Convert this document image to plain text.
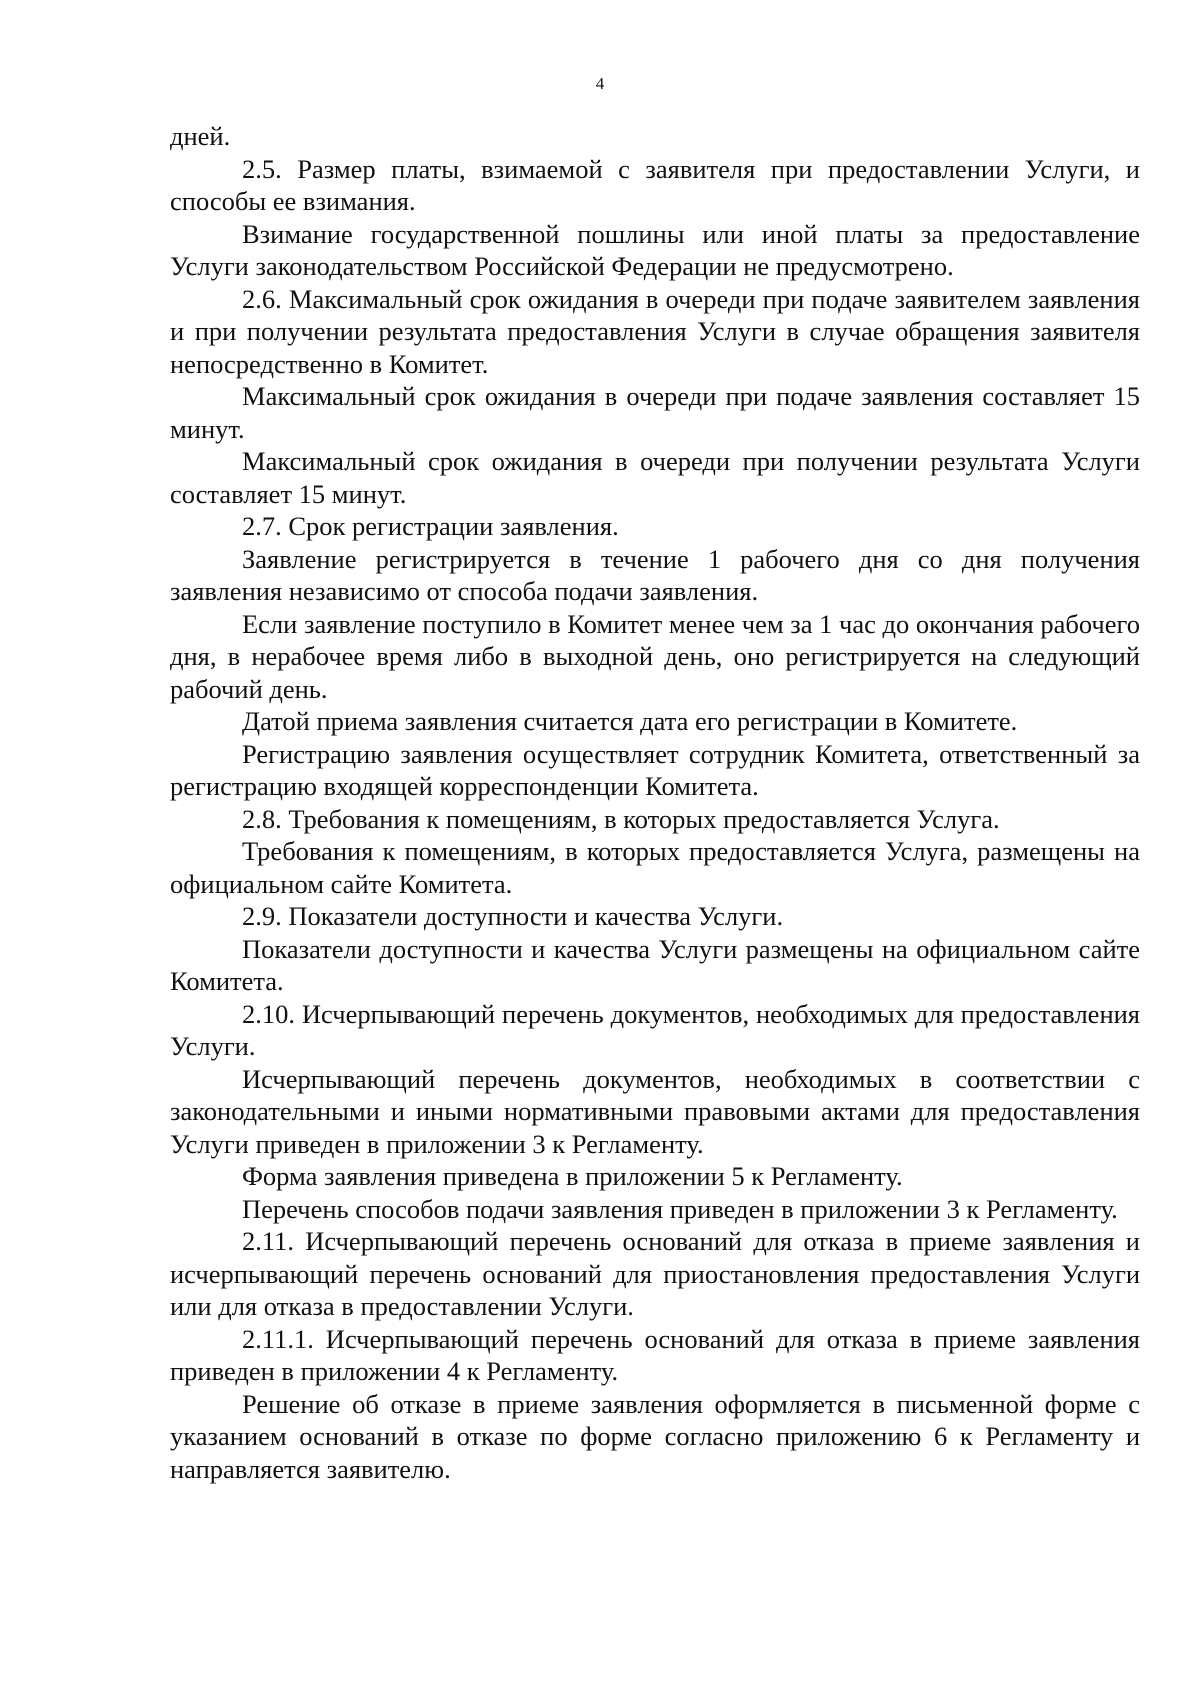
4

дней.

2.5. Размер платы, взимаемой с заявителя при предоставлении Услуги, и способы ее взимания.

Взимание государственной пошлины или иной платы за предоставление Услуги законодательством Российской Федерации не предусмотрено.

2.6. Максимальный срок ожидания в очереди при подаче заявителем заявления и при получении результата предоставления Услуги в случае обращения заявителя непосредственно в Комитет.

Максимальный срок ожидания в очереди при подаче заявления составляет 15 минут.

Максимальный срок ожидания в очереди при получении результата Услуги составляет 15 минут.

2.7. Срок регистрации заявления.

Заявление регистрируется в течение 1 рабочего дня со дня получения заявления независимо от способа подачи заявления.

Если заявление поступило в Комитет менее чем за 1 час до окончания рабочего дня, в нерабочее время либо в выходной день, оно регистрируется на следующий рабочий день.

Датой приема заявления считается дата его регистрации в Комитете.

Регистрацию заявления осуществляет сотрудник Комитета, ответственный за регистрацию входящей корреспонденции Комитета.

2.8. Требования к помещениям, в которых предоставляется Услуга.

Требования к помещениям, в которых предоставляется Услуга, размещены на официальном сайте Комитета.

2.9. Показатели доступности и качества Услуги.

Показатели доступности и качества Услуги размещены на официальном сайте Комитета.

2.10. Исчерпывающий перечень документов, необходимых для предоставления Услуги.

Исчерпывающий перечень документов, необходимых в соответствии с законодательными и иными нормативными правовыми актами для предоставления Услуги приведен в приложении 3 к Регламенту.

Форма заявления приведена в приложении 5 к Регламенту.

Перечень способов подачи заявления приведен в приложении 3 к Регламенту.

2.11. Исчерпывающий перечень оснований для отказа в приеме заявления и исчерпывающий перечень оснований для приостановления предоставления Услуги или для отказа в предоставлении Услуги.

2.11.1. Исчерпывающий перечень оснований для отказа в приеме заявления приведен в приложении 4 к Регламенту.

Решение об отказе в приеме заявления оформляется в письменной форме с указанием оснований в отказе по форме согласно приложению 6 к Регламенту и направляется заявителю.
